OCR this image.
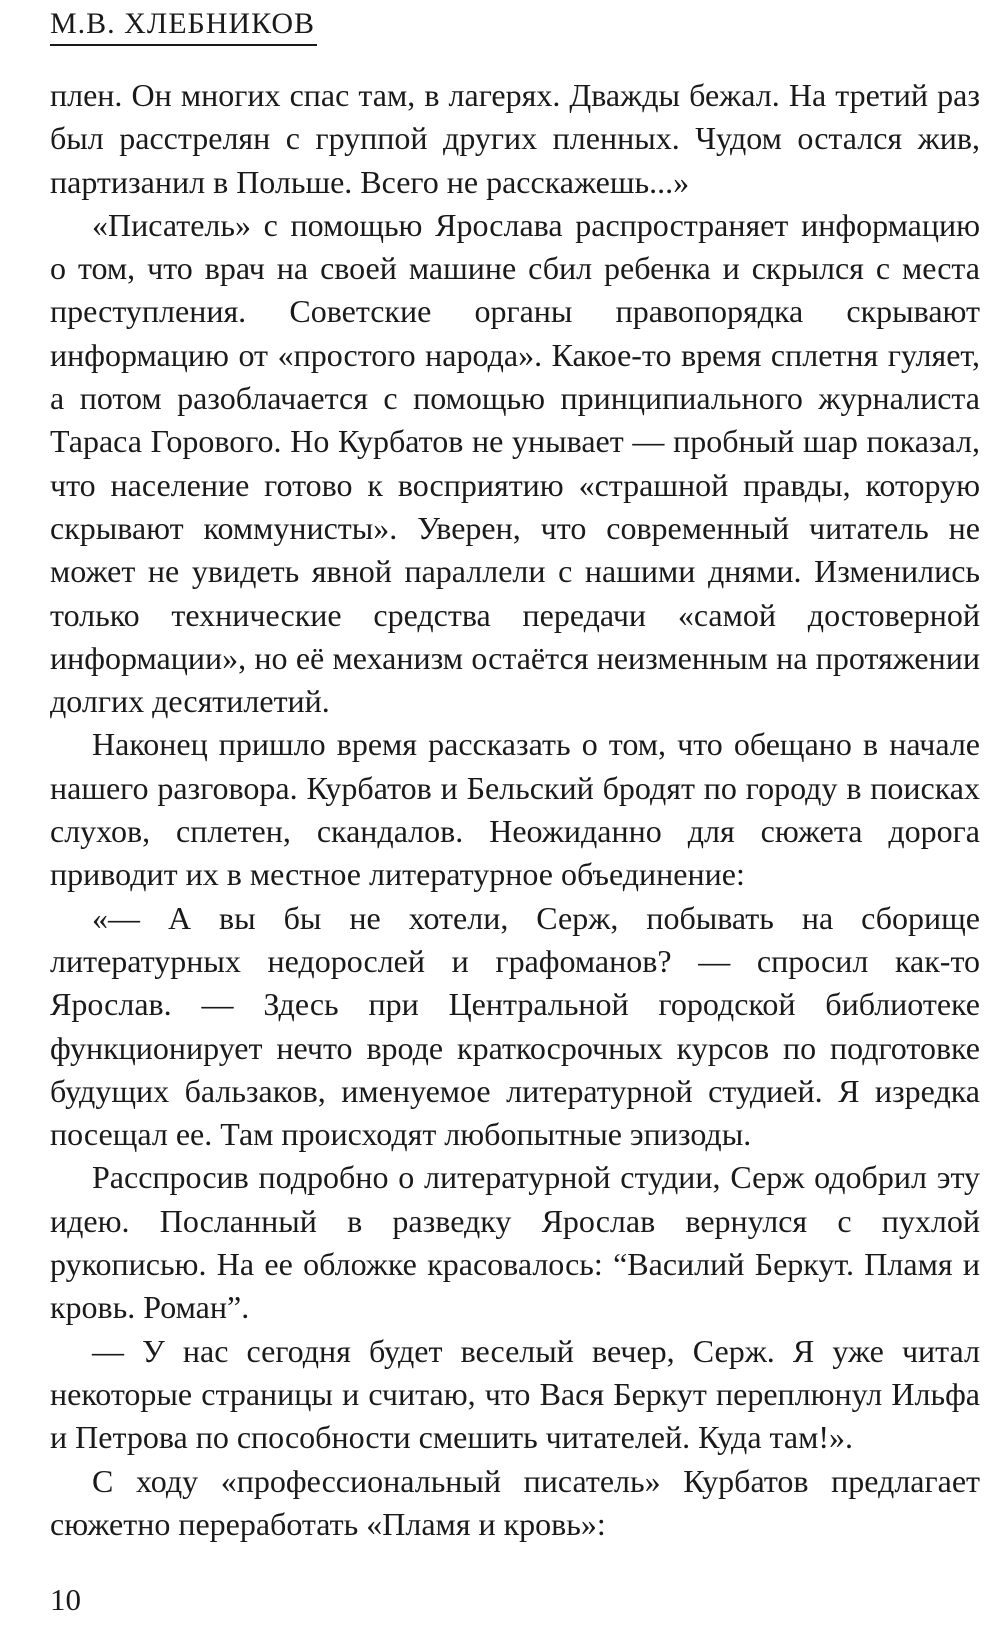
М.В. ХЛЕБНИКОВ

плен. Он многих спас там, в лагерях. Дважды бежал. На третий раз был расстрелян с группой других пленных. Чудом остался жив, партизанил в Польше. Всего не расскажешь...»

«Писатель» с помощью Ярослава распространяет информацию о том, что врач на своей машине сбил ребенка и скрылся с места преступления. Советские органы правопорядка скрывают информацию от «простого народа». Какое-то время сплетня гуляет, а потом разоблачается с помощью принципиального журналиста Тараса Горового. Но Курбатов не унывает — пробный шар показал, что население готово к восприятию «страшной правды, которую скрывают коммунисты». Уверен, что современный читатель не может не увидеть явной параллели с нашими днями. Изменились только технические средства передачи «самой достоверной информации», но её механизм остаётся неизменным на протяжении долгих десятилетий.

Наконец пришло время рассказать о том, что обещано в начале нашего разговора. Курбатов и Бельский бродят по городу в поисках слухов, сплетен, скандалов. Неожиданно для сюжета дорога приводит их в местное литературное объединение:

«— А вы бы не хотели, Серж, побывать на сборище литературных недорослей и графоманов? — спросил как-то Ярослав. — Здесь при Центральной городской библиотеке функционирует нечто вроде краткосрочных курсов по подготовке будущих бальзаков, именуемое литературной студией. Я изредка посещал ее. Там происходят любопытные эпизоды.

Расспросив подробно о литературной студии, Серж одобрил эту идею. Посланный в разведку Ярослав вернулся с пухлой рукописью. На ее обложке красовалось: “Василий Беркут. Пламя и кровь. Роман”.

— У нас сегодня будет веселый вечер, Серж. Я уже читал некоторые страницы и считаю, что Вася Беркут переплюнул Ильфа и Петрова по способности смешить читателей. Куда там!».

С ходу «профессиональный писатель» Курбатов предлагает сюжетно переработать «Пламя и кровь»:

10
